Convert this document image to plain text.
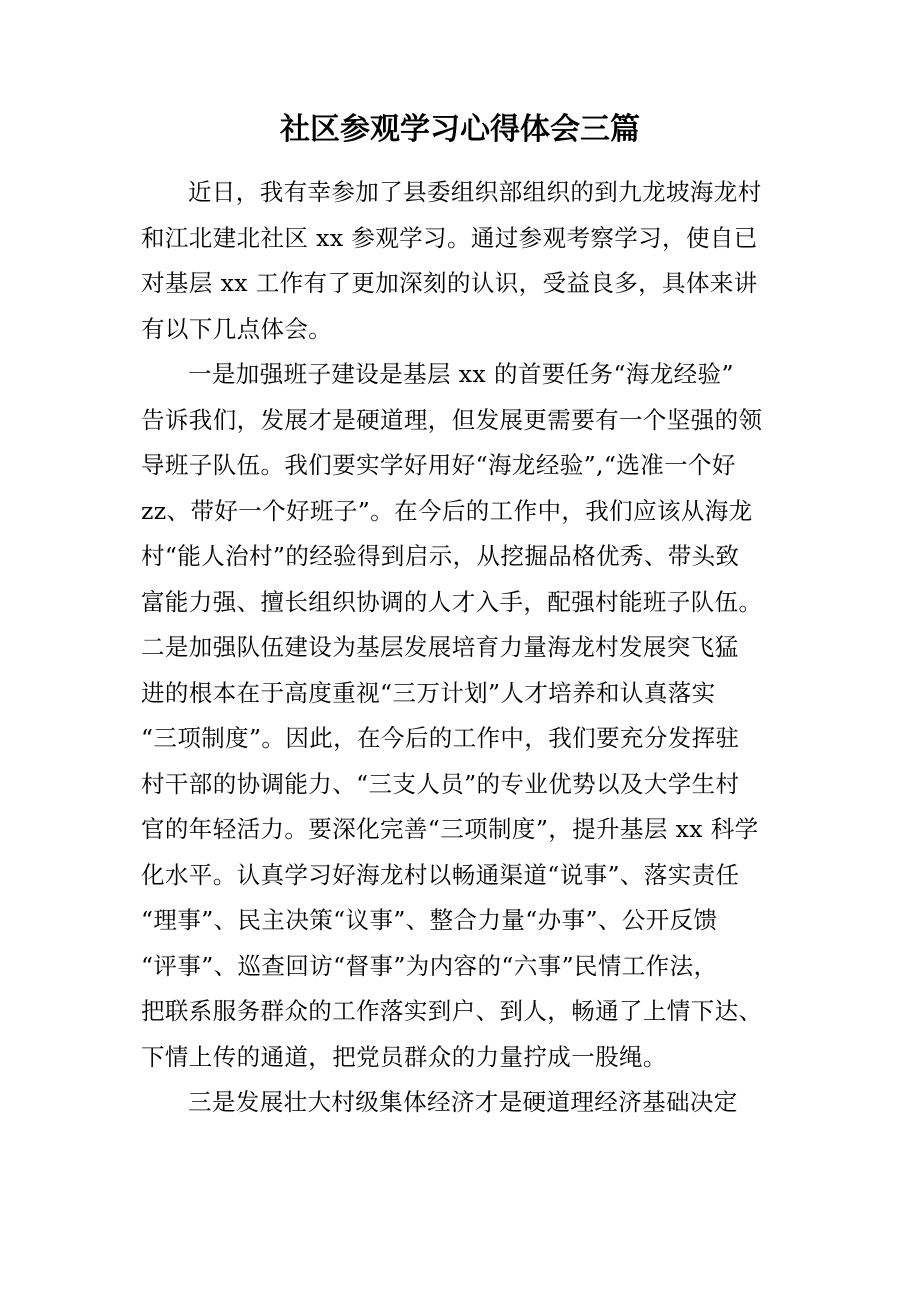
社区参观学习心得体会三篇
近日，我有幸参加了县委组织部组织的到九龙坡海龙村
和江北建北社区 xx 参观学习。通过参观考察学习，使自已
对基层 xx 工作有了更加深刻的认识，受益良多，具体来讲
有以下几点体会。
一是加强班子建设是基层 xx 的首要任务“海龙经验”
告诉我们，发展才是硬道理，但发展更需要有一个坚强的领
导班子队伍。我们要实学好用好“海龙经验”,“选准一个好
zz、带好一个好班子”。在今后的工作中，我们应该从海龙
村“能人治村”的经验得到启示，从挖掘品格优秀、带头致
富能力强、擅长组织协调的人才入手，配强村能班子队伍。
二是加强队伍建设为基层发展培育力量海龙村发展突飞猛
进的根本在于高度重视“三万计划”人才培养和认真落实
“三项制度”。因此，在今后的工作中，我们要充分发挥驻
村干部的协调能力、“三支人员”的专业优势以及大学生村
官的年轻活力。要深化完善“三项制度”，提升基层 xx 科学
化水平。认真学习好海龙村以畅通渠道“说事”、落实责任
“理事”、民主决策“议事”、整合力量“办事”、公开反馈
“评事”、巡查回访“督事”为内容的“六事”民情工作法，
把联系服务群众的工作落实到户、到人，畅通了上情下达、
下情上传的通道，把党员群众的力量拧成一股绳。
三是发展壮大村级集体经济才是硬道理经济基础决定
